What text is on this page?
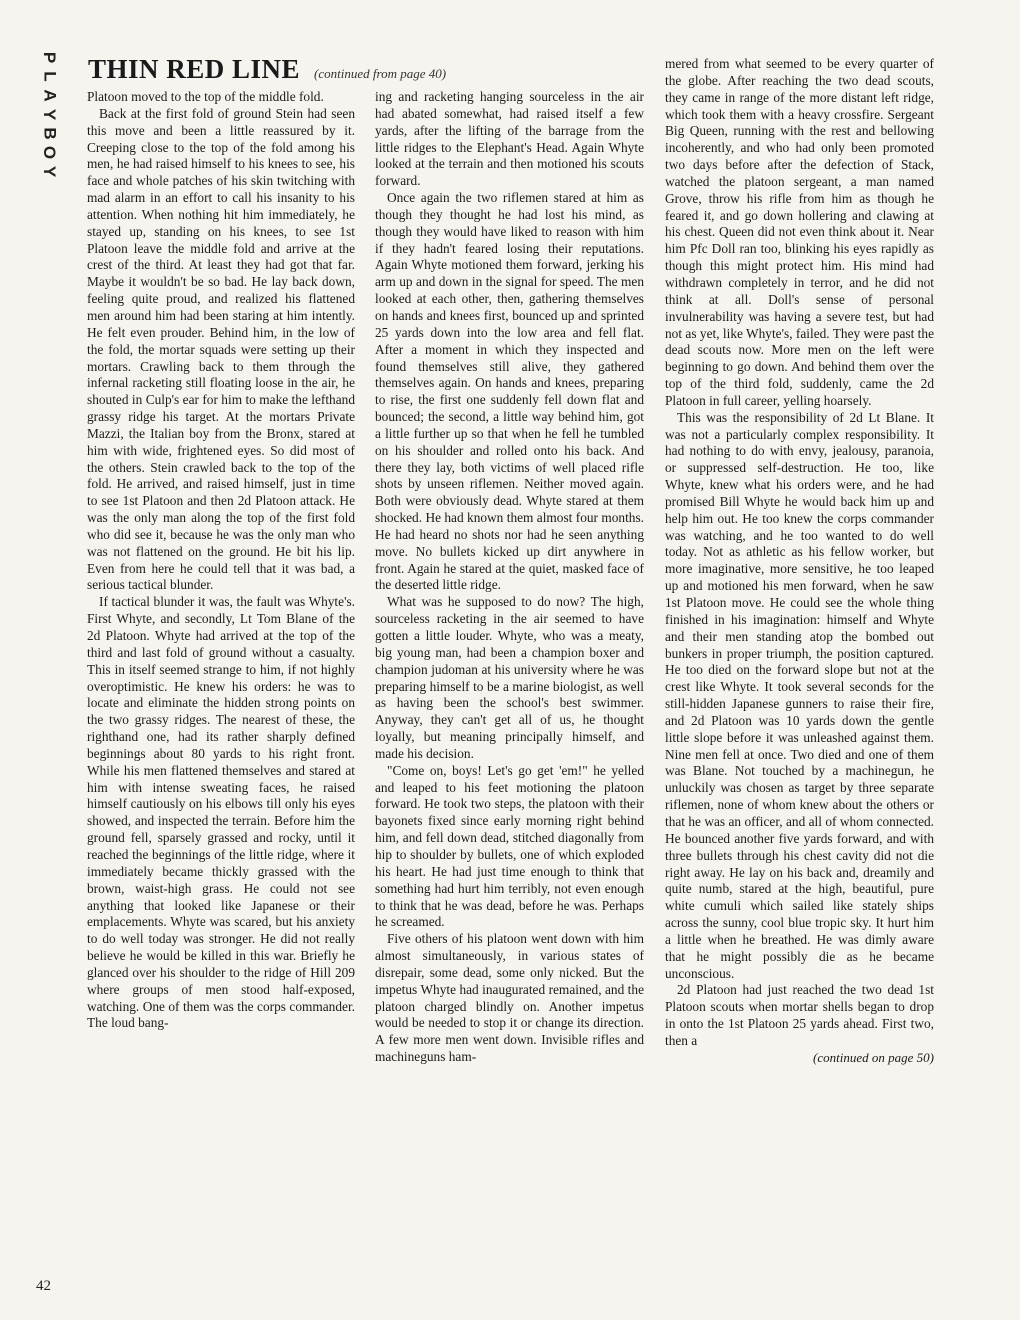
P
L
A
Y
B
O
Y
THIN RED LINE (continued from page 40)

Platoon moved to the top of the middle fold.

Back at the first fold of ground Stein had seen this move and been a little reassured by it. Creeping close to the top of the fold among his men, he had raised himself to his knees to see, his face and whole patches of his skin twitching with mad alarm in an effort to call his insanity to his attention. When nothing hit him immediately, he stayed up, standing on his knees, to see 1st Platoon leave the middle fold and arrive at the crest of the third. At least they had got that far. Maybe it wouldn't be so bad. He lay back down, feeling quite proud, and realized his flattened men around him had been staring at him intently. He felt even prouder. Behind him, in the low of the fold, the mortar squads were setting up their mortars. Crawling back to them through the infernal racketing still floating loose in the air, he shouted in Culp's ear for him to make the lefthand grassy ridge his target. At the mortars Private Mazzi, the Italian boy from the Bronx, stared at him with wide, frightened eyes. So did most of the others. Stein crawled back to the top of the fold. He arrived, and raised himself, just in time to see 1st Platoon and then 2d Platoon attack. He was the only man along the top of the first fold who did see it, because he was the only man who was not flattened on the ground. He bit his lip. Even from here he could tell that it was bad, a serious tactical blunder.

If tactical blunder it was, the fault was Whyte's. First Whyte, and secondly, Lt Tom Blane of the 2d Platoon. Whyte had arrived at the top of the third and last fold of ground without a casualty. This in itself seemed strange to him, if not highly overoptimistic. He knew his orders: he was to locate and eliminate the hidden strong points on the two grassy ridges. The nearest of these, the righthand one, had its rather sharply defined beginnings about 80 yards to his right front. While his men flattened themselves and stared at him with intense sweating faces, he raised himself cautiously on his elbows till only his eyes showed, and inspected the terrain. Before him the ground fell, sparsely grassed and rocky, until it reached the beginnings of the little ridge, where it immediately became thickly grassed with the brown, waist-high grass. He could not see anything that looked like Japanese or their emplacements. Whyte was scared, but his anxiety to do well today was stronger. He did not really believe he would be killed in this war. Briefly he glanced over his shoulder to the ridge of Hill 209 where groups of men stood half-exposed, watching. One of them was the corps commander. The loud bang-

ing and racketing hanging sourceless in the air had abated somewhat, had raised itself a few yards, after the lifting of the barrage from the little ridges to the Elephant's Head. Again Whyte looked at the terrain and then motioned his scouts forward.

Once again the two riflemen stared at him as though they thought he had lost his mind, as though they would have liked to reason with him if they hadn't feared losing their reputations. Again Whyte motioned them forward, jerking his arm up and down in the signal for speed. The men looked at each other, then, gathering themselves on hands and knees first, bounced up and sprinted 25 yards down into the low area and fell flat. After a moment in which they inspected and found themselves still alive, they gathered themselves again. On hands and knees, preparing to rise, the first one suddenly fell down flat and bounced; the second, a little way behind him, got a little further up so that when he fell he tumbled on his shoulder and rolled onto his back. And there they lay, both victims of well placed rifle shots by unseen riflemen. Neither moved again. Both were obviously dead. Whyte stared at them shocked. He had known them almost four months. He had heard no shots nor had he seen anything move. No bullets kicked up dirt anywhere in front. Again he stared at the quiet, masked face of the deserted little ridge.

What was he supposed to do now? The high, sourceless racketing in the air seemed to have gotten a little louder. Whyte, who was a meaty, big young man, had been a champion boxer and champion judoman at his university where he was preparing himself to be a marine biologist, as well as having been the school's best swimmer. Anyway, they can't get all of us, he thought loyally, but meaning principally himself, and made his decision.

"Come on, boys! Let's go get 'em!" he yelled and leaped to his feet motioning the platoon forward. He took two steps, the platoon with their bayonets fixed since early morning right behind him, and fell down dead, stitched diagonally from hip to shoulder by bullets, one of which exploded his heart. He had just time enough to think that something had hurt him terribly, not even enough to think that he was dead, before he was. Perhaps he screamed.

Five others of his platoon went down with him almost simultaneously, in various states of disrepair, some dead, some only nicked. But the impetus Whyte had inaugurated remained, and the platoon charged blindly on. Another impetus would be needed to stop it or change its direction. A few more men went down. Invisible rifles and machineguns ham-

mered from what seemed to be every quarter of the globe. After reaching the two dead scouts, they came in range of the more distant left ridge, which took them with a heavy crossfire. Sergeant Big Queen, running with the rest and bellowing incoherently, and who had only been promoted two days before after the defection of Stack, watched the platoon sergeant, a man named Grove, throw his rifle from him as though he feared it, and go down hollering and clawing at his chest. Queen did not even think about it. Near him Pfc Doll ran too, blinking his eyes rapidly as though this might protect him. His mind had withdrawn completely in terror, and he did not think at all. Doll's sense of personal invulnerability was having a severe test, but had not as yet, like Whyte's, failed. They were past the dead scouts now. More men on the left were beginning to go down. And behind them over the top of the third fold, suddenly, came the 2d Platoon in full career, yelling hoarsely.

This was the responsibility of 2d Lt Blane. It was not a particularly complex responsibility. It had nothing to do with envy, jealousy, paranoia, or suppressed self-destruction. He too, like Whyte, knew what his orders were, and he had promised Bill Whyte he would back him up and help him out. He too knew the corps commander was watching, and he too wanted to do well today. Not as athletic as his fellow worker, but more imaginative, more sensitive, he too leaped up and motioned his men forward, when he saw 1st Platoon move. He could see the whole thing finished in his imagination: himself and Whyte and their men standing atop the bombed out bunkers in proper triumph, the position captured. He too died on the forward slope but not at the crest like Whyte. It took several seconds for the still-hidden Japanese gunners to raise their fire, and 2d Platoon was 10 yards down the gentle little slope before it was unleashed against them. Nine men fell at once. Two died and one of them was Blane. Not touched by a machinegun, he unluckily was chosen as target by three separate riflemen, none of whom knew about the others or that he was an officer, and all of whom connected. He bounced another five yards forward, and with three bullets through his chest cavity did not die right away. He lay on his back and, dreamily and quite numb, stared at the high, beautiful, pure white cumuli which sailed like stately ships across the sunny, cool blue tropic sky. It hurt him a little when he breathed. He was dimly aware that he might possibly die as he became unconscious.

2d Platoon had just reached the two dead 1st Platoon scouts when mortar shells began to drop in onto the 1st Platoon 25 yards ahead. First two, then a

(continued on page 50)
42
